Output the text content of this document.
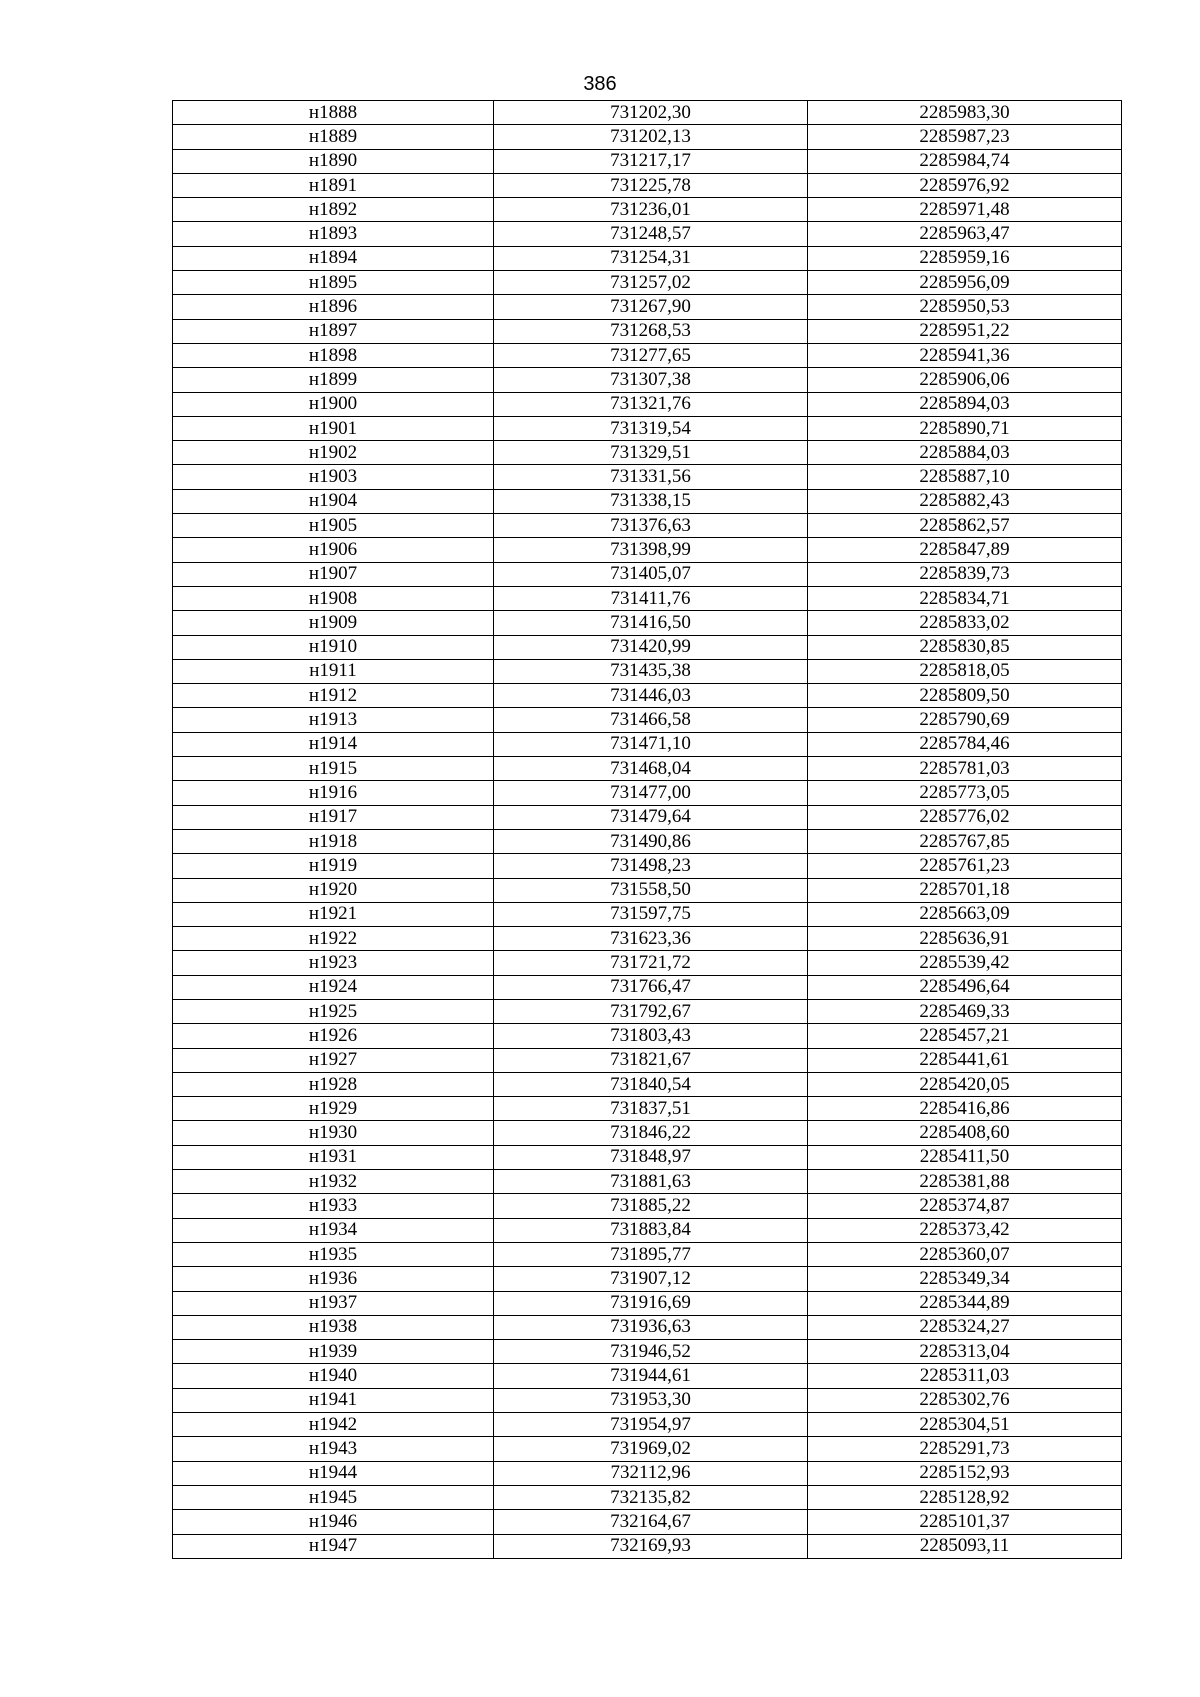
386
н1888	731202,30	2285983,30
н1889	731202,13	2285987,23
н1890	731217,17	2285984,74
н1891	731225,78	2285976,92
н1892	731236,01	2285971,48
н1893	731248,57	2285963,47
н1894	731254,31	2285959,16
н1895	731257,02	2285956,09
н1896	731267,90	2285950,53
н1897	731268,53	2285951,22
н1898	731277,65	2285941,36
н1899	731307,38	2285906,06
н1900	731321,76	2285894,03
н1901	731319,54	2285890,71
н1902	731329,51	2285884,03
н1903	731331,56	2285887,10
н1904	731338,15	2285882,43
н1905	731376,63	2285862,57
н1906	731398,99	2285847,89
н1907	731405,07	2285839,73
н1908	731411,76	2285834,71
н1909	731416,50	2285833,02
н1910	731420,99	2285830,85
н1911	731435,38	2285818,05
н1912	731446,03	2285809,50
н1913	731466,58	2285790,69
н1914	731471,10	2285784,46
н1915	731468,04	2285781,03
н1916	731477,00	2285773,05
н1917	731479,64	2285776,02
н1918	731490,86	2285767,85
н1919	731498,23	2285761,23
н1920	731558,50	2285701,18
н1921	731597,75	2285663,09
н1922	731623,36	2285636,91
н1923	731721,72	2285539,42
н1924	731766,47	2285496,64
н1925	731792,67	2285469,33
н1926	731803,43	2285457,21
н1927	731821,67	2285441,61
н1928	731840,54	2285420,05
н1929	731837,51	2285416,86
н1930	731846,22	2285408,60
н1931	731848,97	2285411,50
н1932	731881,63	2285381,88
н1933	731885,22	2285374,87
н1934	731883,84	2285373,42
н1935	731895,77	2285360,07
н1936	731907,12	2285349,34
н1937	731916,69	2285344,89
н1938	731936,63	2285324,27
н1939	731946,52	2285313,04
н1940	731944,61	2285311,03
н1941	731953,30	2285302,76
н1942	731954,97	2285304,51
н1943	731969,02	2285291,73
н1944	732112,96	2285152,93
н1945	732135,82	2285128,92
н1946	732164,67	2285101,37
н1947	732169,93	2285093,11
